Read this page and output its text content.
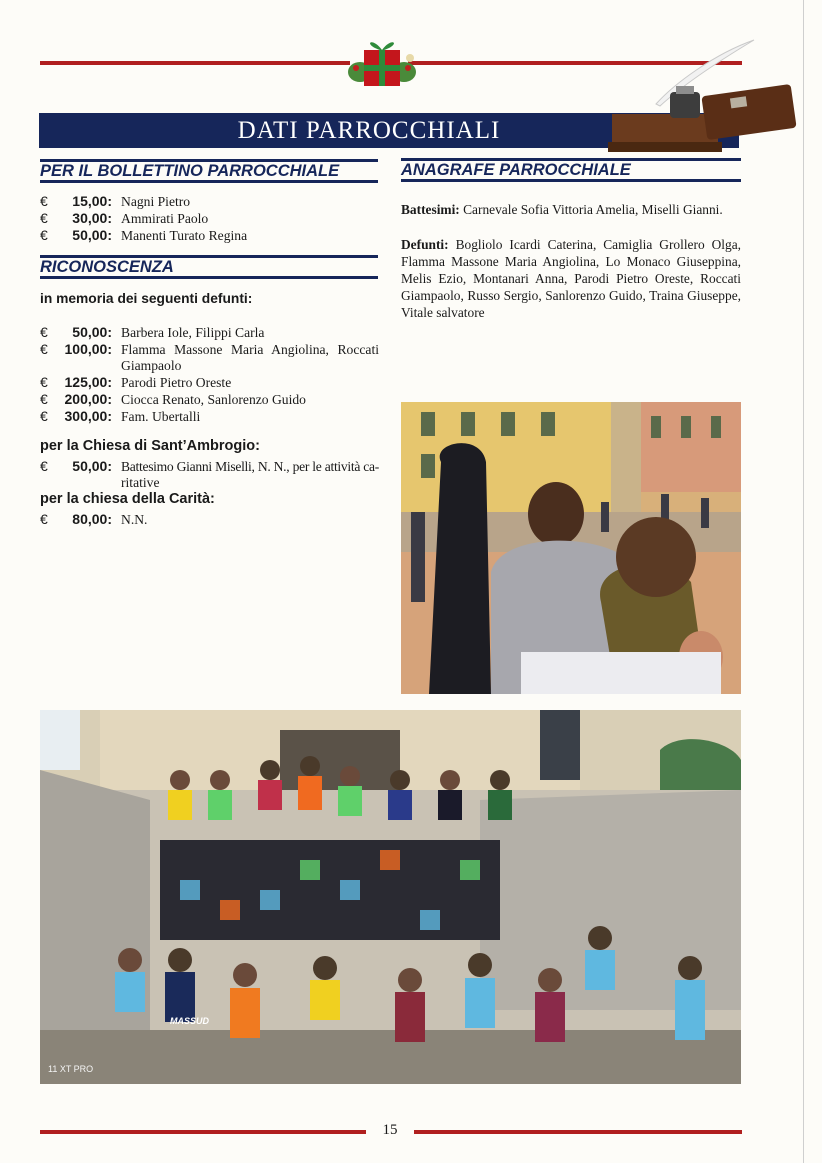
DATI PARROCCHIALI
PER IL BOLLETTINO PARROCCHIALE
€	15,00: Nagni Pietro
€	30,00: Ammirati Paolo
€	50,00: Manenti Turato Regina
RICONOSCENZA
in memoria dei seguenti defunti:
€	50,00: Barbera Iole, Filippi Carla
€	100,00: Flamma Massone Maria Angiolina, Roccati
Giampaolo
€	125,00: Parodi Pietro Oreste
€	200,00: Ciocca Renato, Sanlorenzo Guido
€	300,00: Fam. Ubertalli
per la Chiesa di Sant’Ambrogio:
€	50,00: Battesimo Gianni Miselli, N. N., per le attività ca-
ritative
per la chiesa della Carità:
€	80,00: N.N.
ANAGRAFE PARROCCHIALE

Battesimi: Carnevale Sofia Vittoria Amelia, Miselli Gianni.

Defunti: Bogliolo Icardi Caterina, Camiglia Grollero Olga, Flamma Massone Maria Angiolina, Lo Monaco Giuseppina, Melis Ezio, Montanari Anna, Parodi Pietro Oreste, Roccati Giampaolo, Russo Sergio, Sanlorenzo Guido, Traina Giuseppe, Vitale salvatore

MASSUD
11 XT PRO
15
